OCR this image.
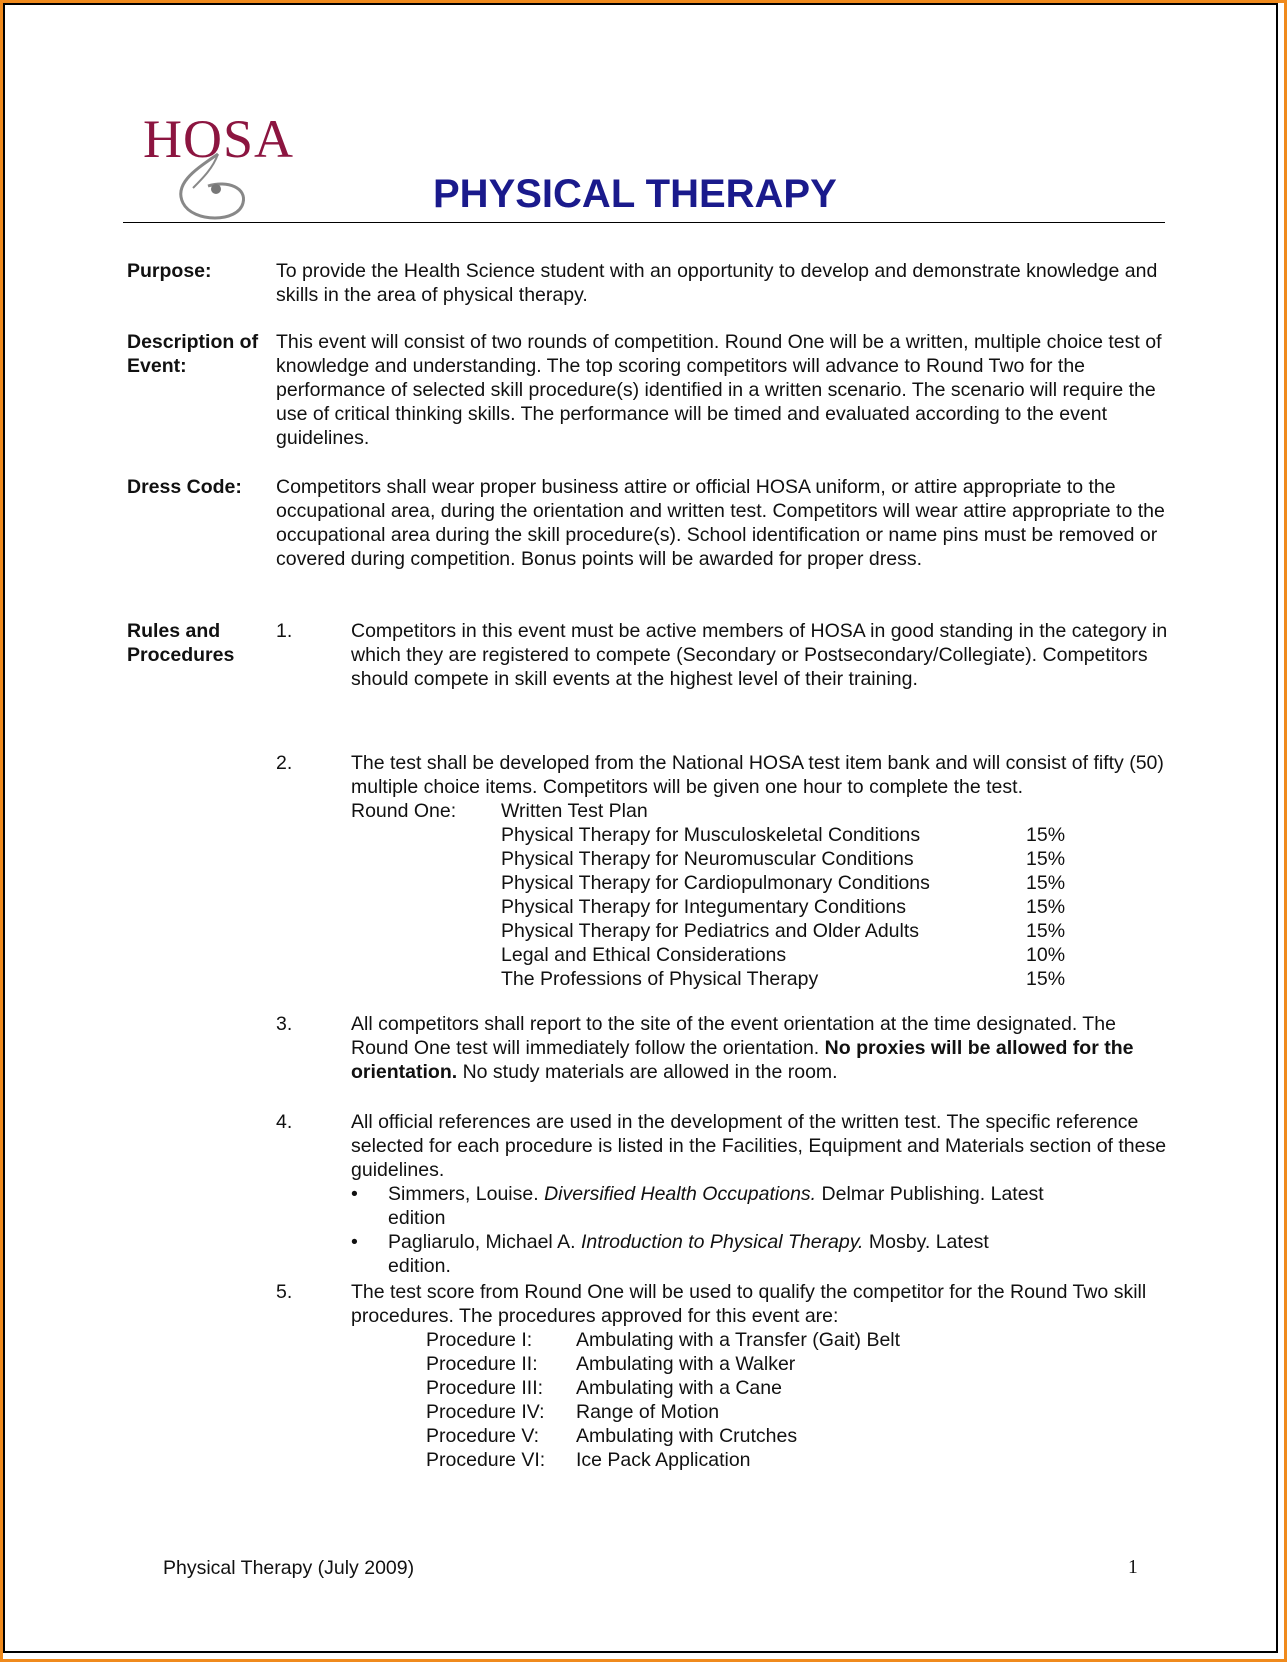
HOSA
PHYSICAL THERAPY
Purpose:	To provide the Health Science student with an opportunity to develop and demonstrate knowledge and skills in the area of physical therapy.
Description of Event:
This event will consist of two rounds of competition. Round One will be a written, multiple choice test of knowledge and understanding. The top scoring competitors will advance to Round Two for the performance of selected skill procedure(s) identified in a written scenario. The scenario will require the use of critical thinking skills. The performance will be timed and evaluated according to the event guidelines.
Dress Code:	Competitors shall wear proper business attire or official HOSA uniform, or attire appropriate to the occupational area, during the orientation and written test. Competitors will wear attire appropriate to the occupational area during the skill procedure(s). School identification or name pins must be removed or covered during competition. Bonus points will be awarded for proper dress.
Rules and Procedures
1.	Competitors in this event must be active members of HOSA in good standing in the category in which they are registered to compete (Secondary or Postsecondary/Collegiate). Competitors should compete in skill events at the highest level of their training.
2.	The test shall be developed from the National HOSA test item bank and will consist of fifty (50) multiple choice items. Competitors will be given one hour to complete the test.
Round One: Written Test Plan
Physical Therapy for Musculoskeletal Conditions	15%
Physical Therapy for Neuromuscular Conditions	15%
Physical Therapy for Cardiopulmonary Conditions	15%
Physical Therapy for Integumentary Conditions	15%
Physical Therapy for Pediatrics and Older Adults	15%
Legal and Ethical Considerations	10%
The Professions of Physical Therapy	15%
3.	All competitors shall report to the site of the event orientation at the time designated. The Round One test will immediately follow the orientation. No proxies will be allowed for the orientation. No study materials are allowed in the room.
4.	All official references are used in the development of the written test. The specific reference selected for each procedure is listed in the Facilities, Equipment and Materials section of these guidelines.
• Simmers, Louise. Diversified Health Occupations. Delmar Publishing. Latest edition
• Pagliarulo, Michael A. Introduction to Physical Therapy. Mosby. Latest edition.
5.	The test score from Round One will be used to qualify the competitor for the Round Two skill procedures. The procedures approved for this event are:
Procedure I: Ambulating with a Transfer (Gait) Belt
Procedure II: Ambulating with a Walker
Procedure III: Ambulating with a Cane
Procedure IV: Range of Motion
Procedure V: Ambulating with Crutches
Procedure VI: Ice Pack Application
Physical Therapy (July 2009)	1
